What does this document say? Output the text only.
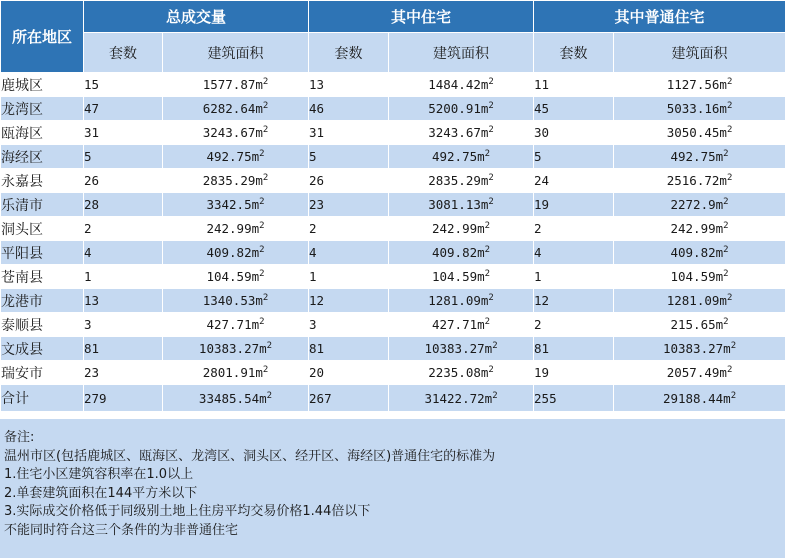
所在地区	总成交量		其中住宅		其中普通住宅	
	套数	建筑面积	套数	建筑面积	套数	建筑面积
鹿城区	15	$1577.87m^2$	13	$1484.42m^2$	11	$1127.56m^2$
龙湾区	47	$6282.64m^2$	46	$5200.91m^2$	45	$5033.16m^2$
瓯海区	31	$3243.67m^2$	31	$3243.67m^2$	30	$3050.45m^2$
海经区	5	$492.75m^2$	5	$492.75m^2$	5	$492.75m^2$
永嘉县	26	$2835.29m^2$	26	$2835.29m^2$	24	$2516.72m^2$
乐清市	28	$3342.5m^2$	23	$3081.13m^2$	19	$2272.9m^2$
洞头区	2	$242.99m^2$	2	$242.99m^2$	2	$242.99m^2$
平阳县	4	$409.82m^2$	4	$409.82m^2$	4	$409.82m^2$
苍南县	1	$104.59m^2$	1	$104.59m^2$	1	$104.59m^2$
龙港市	13	$1340.53m^2$	12	$1281.09m^2$	12	$1281.09m^2$
泰顺县	3	$427.71m^2$	3	$427.71m^2$	2	$215.65m^2$
文成县	81	$10383.27m^2$	81	$10383.27m^2$	81	$10383.27m^2$
瑞安市	23	$2801.91m^2$	20	$2235.08m^2$	19	$2057.49m^2$
合计	279	$33485.54m^2$	267	$31422.72m^2$	255	$29188.44m^2$
备注:
温州市区(包括鹿城区、瓯海区、龙湾区、洞头区、经开区、海经区)普通住宅的标准为
1.住宅小区建筑容积率在1.0以上
2.单套建筑面积在144平方米以下
3.实际成交价格低于同级别土地上住房平均交易价格1.44倍以下
不能同时符合这三个条件的为非普通住宅
